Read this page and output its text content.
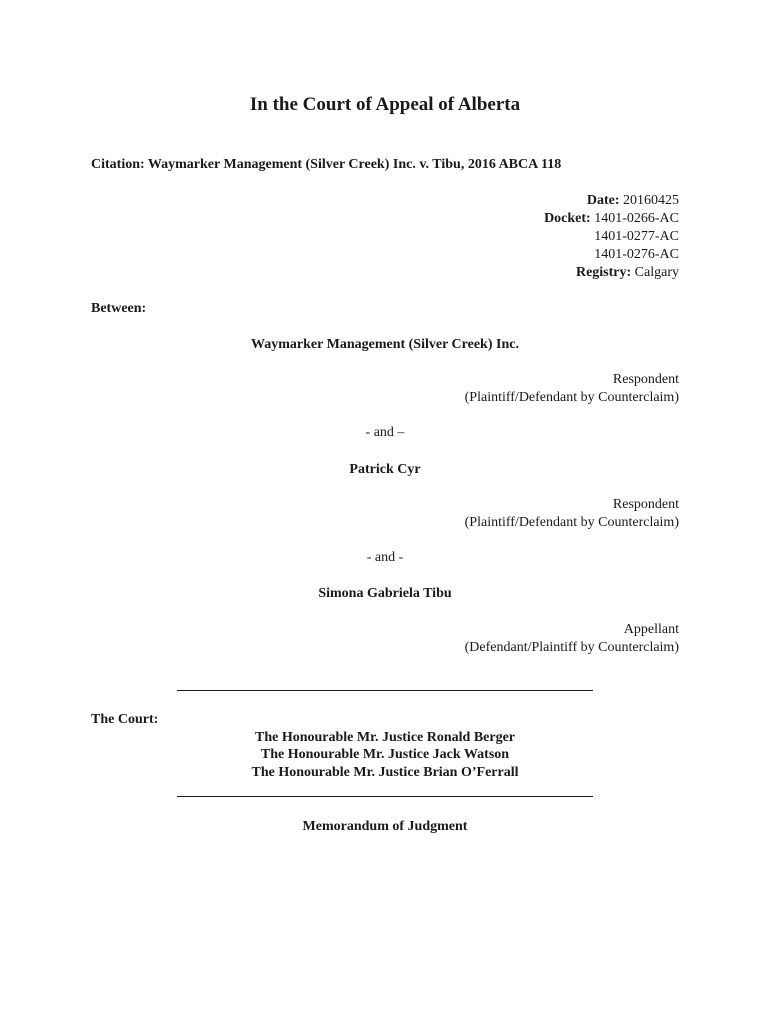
In the Court of Appeal of Alberta
Citation: Waymarker Management (Silver Creek) Inc. v. Tibu, 2016 ABCA 118
Date: 20160425
Docket: 1401-0266-AC
1401-0277-AC
1401-0276-AC
Registry: Calgary
Between:
Waymarker Management (Silver Creek) Inc.
Respondent
(Plaintiff/Defendant by Counterclaim)
- and –
Patrick Cyr
Respondent
(Plaintiff/Defendant by Counterclaim)
- and -
Simona Gabriela Tibu
Appellant
(Defendant/Plaintiff by Counterclaim)
The Court:
The Honourable Mr. Justice Ronald Berger
The Honourable Mr. Justice Jack Watson
The Honourable Mr. Justice Brian O’Ferrall
Memorandum of Judgment
